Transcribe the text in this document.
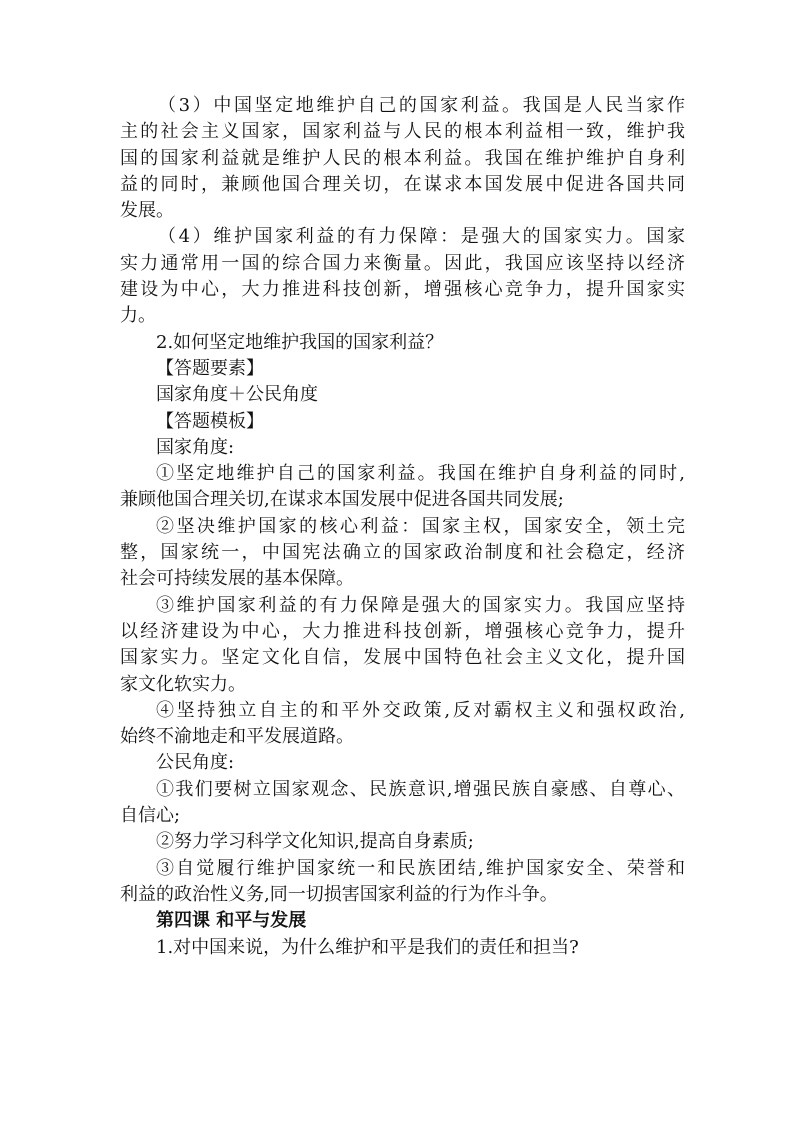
（3）中国坚定地维护自己的国家利益。我国是人民当家作
主的社会主义国家，国家利益与人民的根本利益相一致，维护我
国的国家利益就是维护人民的根本利益。我国在维护维护自身利
益的同时，兼顾他国合理关切，在谋求本国发展中促进各国共同
发展。
（4）维护国家利益的有力保障：是强大的国家实力。国家
实力通常用一国的综合国力来衡量。因此，我国应该坚持以经济
建设为中心，大力推进科技创新，增强核心竞争力，提升国家实
力。
2.如何坚定地维护我国的国家利益？
【答题要素】
国家角度＋公民角度
【答题模板】
国家角度:
①坚定地维护自己的国家利益。我国在维护自身利益的同时,
兼顾他国合理关切,在谋求本国发展中促进各国共同发展;
②坚决维护国家的核心利益：国家主权，国家安全，领土完
整，国家统一，中国宪法确立的国家政治制度和社会稳定，经济
社会可持续发展的基本保障。
③维护国家利益的有力保障是强大的国家实力。我国应坚持
以经济建设为中心，大力推进科技创新，增强核心竞争力，提升
国家实力。坚定文化自信，发展中国特色社会主义文化，提升国
家文化软实力。
④坚持独立自主的和平外交政策,反对霸权主义和强权政治,
始终不渝地走和平发展道路。
公民角度:
①我们要树立国家观念、民族意识,增强民族自豪感、自尊心、
自信心;
②努力学习科学文化知识,提高自身素质;
③自觉履行维护国家统一和民族团结,维护国家安全、荣誉和
利益的政治性义务,同一切损害国家利益的行为作斗争。
第四课 和平与发展
1.对中国来说，为什么维护和平是我们的责任和担当?
